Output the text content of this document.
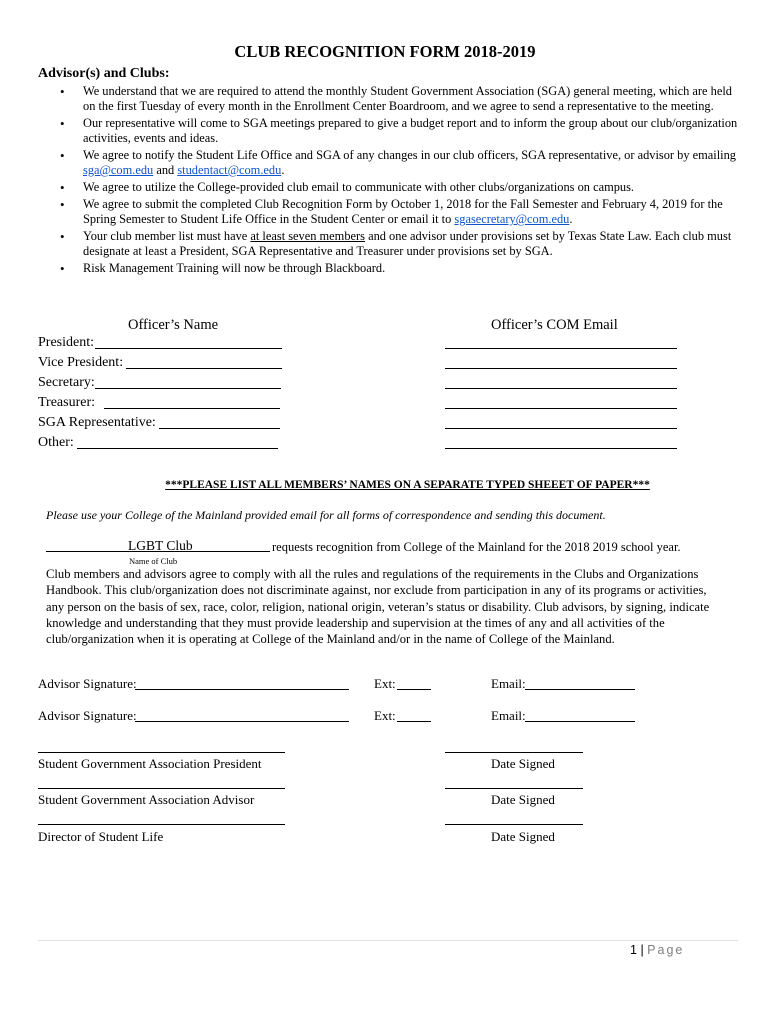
CLUB RECOGNITION FORM 2018-2019
Advisor(s) and Clubs:
• We understand that we are required to attend the monthly Student Government Association (SGA) general meeting, which are held on the first Tuesday of every month in the Enrollment Center Boardroom, and we agree to send a representative to the meeting.
• Our representative will come to SGA meetings prepared to give a budget report and to inform the group about our club/organization activities, events and ideas.
• We agree to notify the Student Life Office and SGA of any changes in our club officers, SGA representative, or advisor by emailing sga@com.edu and studentact@com.edu.
• We agree to utilize the College-provided club email to communicate with other clubs/organizations on campus.
• We agree to submit the completed Club Recognition Form by October 1, 2018 for the Fall Semester and February 4, 2019 for the Spring Semester to Student Life Office in the Student Center or email it to sgasecretary@com.edu.
• Your club member list must have at least seven members and one advisor under provisions set by Texas State Law. Each club must designate at least a President, SGA Representative and Treasurer under provisions set by SGA.
• Risk Management Training will now be through Blackboard.
Officer’s Name	Officer’s COM Email
President:
Vice President:
Secretary:
Treasurer:
SGA Representative:
Other:
***PLEASE LIST ALL MEMBERS’ NAMES ON A SEPARATE TYPED SHEEET OF PAPER***
Please use your College of the Mainland provided email for all forms of correspondence and sending this document.
LGBT Club
Name of Club
requests recognition from College of the Mainland for the 2018 2019 school year.
Club members and advisors agree to comply with all the rules and regulations of the requirements in the Clubs and Organizations Handbook. This club/organization does not discriminate against, nor exclude from participation in any of its programs or activities, any person on the basis of sex, race, color, religion, national origin, veteran’s status or disability. Club advisors, by signing, indicate knowledge and understanding that they must provide leadership and supervision at the times of any and all activities of the club/organization when it is operating at College of the Mainland and/or in the name of College of the Mainland.
Advisor Signature:	Ext:	Email:
Advisor Signature:	Ext:	Email:
Student Government Association President	Date Signed
Student Government Association Advisor	Date Signed
Director of Student Life	Date Signed
1 | Page
